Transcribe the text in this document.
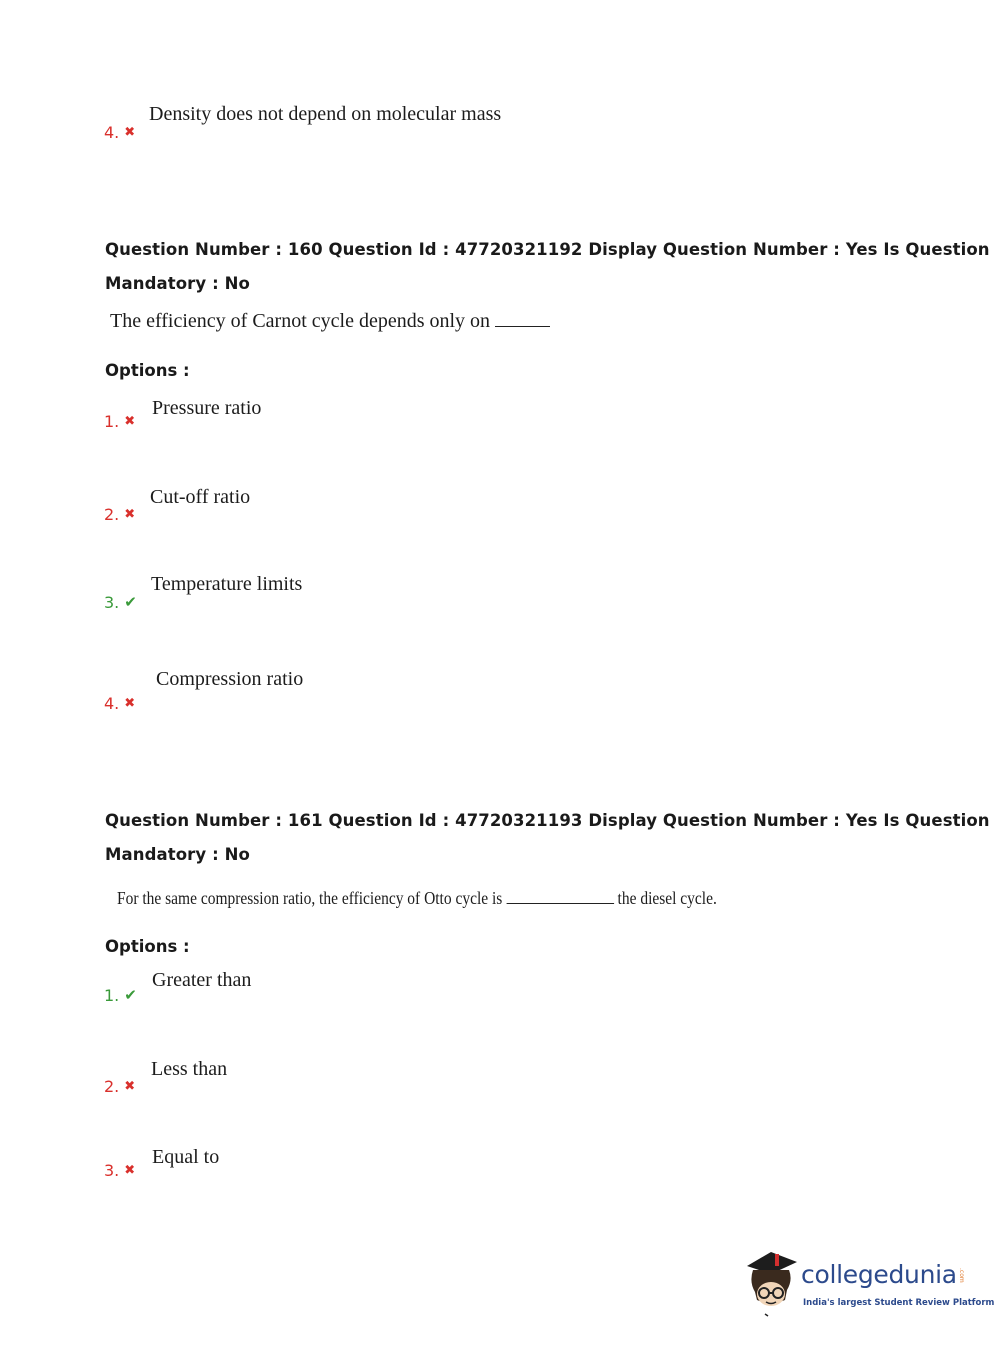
4. ✖
Density does not depend on molecular mass
Question Number : 160 Question Id : 47720321192 Display Question Number : Yes Is Question
Mandatory : No
The efficiency of Carnot cycle depends only on
Options :
1. ✖
Pressure ratio
2. ✖
Cut-off ratio
3. ✔
Temperature limits
4. ✖
Compression ratio
Question Number : 161 Question Id : 47720321193 Display Question Number : Yes Is Question
Mandatory : No
For the same compression ratio, the efficiency of Otto cycle is	the diesel cycle.
Options :
1. ✔
Greater than
2. ✖
Less than
3. ✖
Equal to
collegedunia .com
India's largest Student Review Platform
